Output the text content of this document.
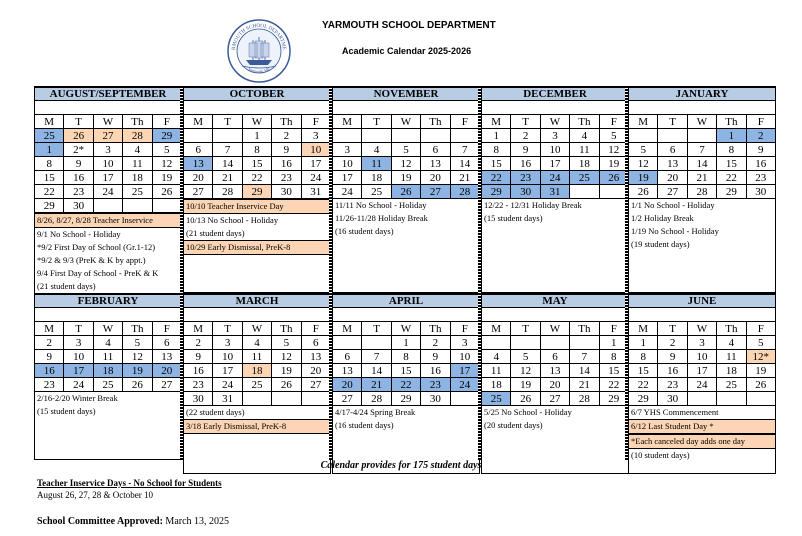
RMOUTH SCHOOL DEPARTME
Yarmouth, ME
YARMOUTH SCHOOL DEPARTMENT
Academic Calendar 2025-2026
AUGUST/SEPTEMBER
M	T	W	Th	F
25	26	27	28	29
1	2*	3	4	5
8	9	10	11	12
15	16	17	18	19
22	23	24	25	26
29	30			
8/26, 8/27, 8/28 Teacher Inservice
9/1 No School - Holiday
*9/2 First Day of School (Gr.1-12)
*9/2 & 9/3 (PreK & K by appt.)
9/4 First Day of School - PreK & K
(21 student days)
OCTOBER
M	T	W	Th	F
		1	2	3
6	7	8	9	10
13	14	15	16	17
20	21	22	23	24
27	28	29	30	31
10/10 Teacher Inservice Day
10/13 No School - Holiday
(21 student days)
10/29 Early Dismissal, PreK-8
NOVEMBER
M	T	W	Th	F

3	4	5	6	7
10	11	12	13	14
17	18	19	20	21
24	25	26	27	28
11/11 No School - Holiday
11/26-11/28 Holiday Break
(16 student days)
DECEMBER
M	T	W	Th	F
1	2	3	4	5
8	9	10	11	12
15	16	17	18	19
22	23	24	25	26
29	30	31		
12/22 - 12/31 Holiday Break
(15 student days)
JANUARY
M	T	W	Th	F
			1	2
5	6	7	8	9
12	13	14	15	16
19	20	21	22	23
26	27	28	29	30
1/1 No School - Holiday
1/2 Holiday Break
1/19 No School - Holiday
(19 student days)
FEBRUARY
M	T	W	Th	F
2	3	4	5	6
9	10	11	12	13
16	17	18	19	20
23	24	25	26	27
2/16-2/20 Winter Break
(15 student days)
MARCH
M	T	W	Th	F
2	3	4	5	6
9	10	11	12	13
16	17	18	19	20
23	24	25	26	27
30	31			
(22 student days)
3/18 Early Dismissal, PreK-8
APRIL
M	T	W	Th	F
		1	2	3
6	7	8	9	10
13	14	15	16	17
20	21	22	23	24
27	28	29	30	
4/17-4/24 Spring Break
(16 student days)
MAY
M	T	W	Th	F
				1
4	5	6	7	8
11	12	13	14	15
18	19	20	21	22
25	26	27	28	29
5/25 No School - Holiday
(20 student days)
JUNE
M	T	W	Th	F
1	2	3	4	5
8	9	10	11	12*
15	16	17	18	19
22	23	24	25	26
29	30			
6/7 YHS Commencement
6/12 Last Student Day *
*Each canceled day adds one day
(10 student days)
Calendar provides for 175 student days
Teacher Inservice Days - No School for Students
August 26, 27, 28 & October 10
School Committee Approved: March 13, 2025
